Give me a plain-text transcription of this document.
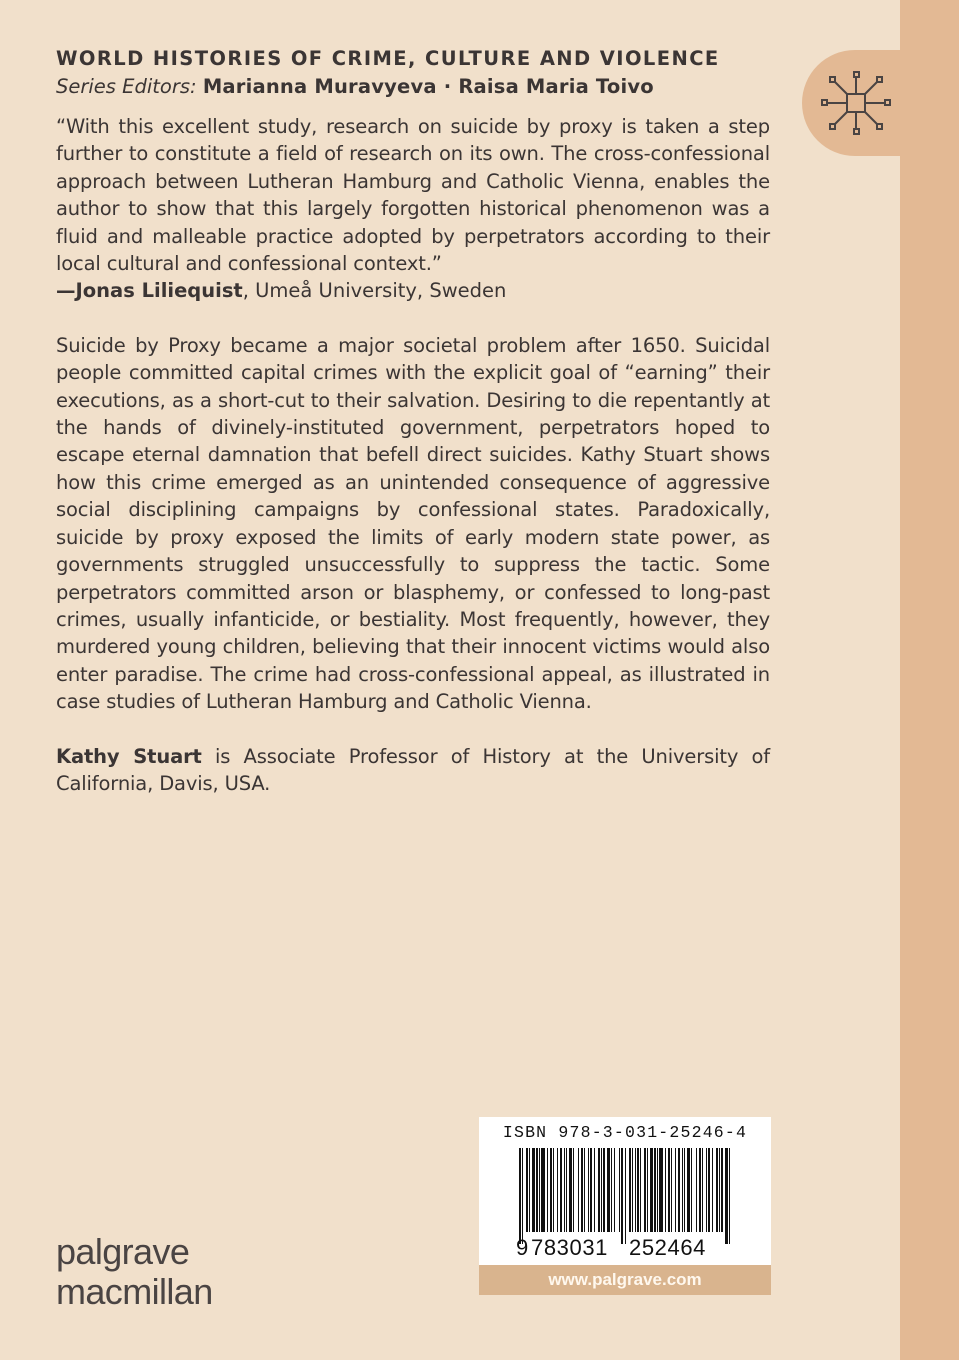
WORLD HISTORIES OF CRIME, CULTURE AND VIOLENCE
Series Editors: Marianna Muravyeva · Raisa Maria Toivo

“With this excellent study, research on suicide by proxy is taken a step further to constitute a field of research on its own. The cross-confessional approach between Lutheran Hamburg and Catholic Vienna, enables the author to show that this largely forgotten historical phenomenon was a fluid and malleable practice adopted by perpetrators according to their local cultural and confessional context.”

—Jonas Liliequist, Umeå University, Sweden

Suicide by Proxy became a major societal problem after 1650. Suicidal people committed capital crimes with the explicit goal of “earning” their executions, as a short-cut to their salvation. Desiring to die repentantly at the hands of divinely-instituted government, perpetrators hoped to escape eternal damnation that befell direct suicides. Kathy Stuart shows how this crime emerged as an unintended consequence of aggressive social disciplining campaigns by confessional states. Paradoxically, suicide by proxy exposed the limits of early modern state power, as governments struggled unsuccessfully to suppress the tactic. Some perpetrators committed arson or blasphemy, or confessed to long-past crimes, usually infanticide, or bestiality. Most frequently, however, they murdered young children, believing that their innocent victims would also enter paradise. The crime had cross-confessional appeal, as illustrated in case studies of Lutheran Hamburg and Catholic Vienna.

Kathy Stuart is Associate Professor of History at the University of California, Davis, USA.

palgrave
macmillan
ISBN 978-3-031-25246-4
9 783031 252464
www.palgrave.com
